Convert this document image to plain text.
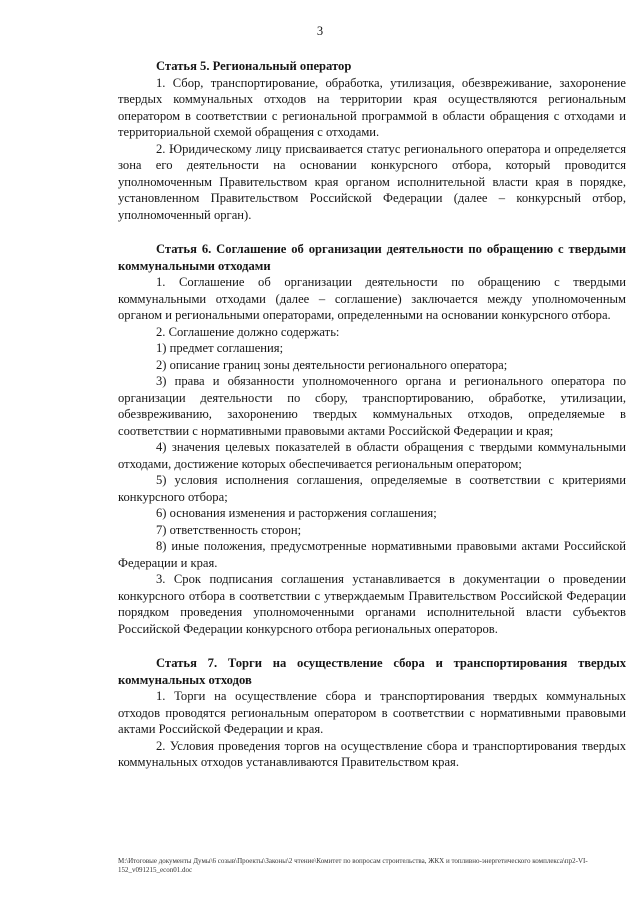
3
Статья 5. Региональный оператор

1. Сбор, транспортирование, обработка, утилизация, обезвреживание, захоронение твердых коммунальных отходов на территории края осуществляются региональным оператором в соответствии с региональной программой в области обращения с отходами и территориальной схемой обращения с отходами.

2. Юридическому лицу присваивается статус регионального оператора и определяется зона его деятельности на основании конкурсного отбора, который проводится уполномоченным Правительством края органом исполнительной власти края в порядке, установленном Правительством Российской Федерации (далее – конкурсный отбор, уполномоченный орган).

Статья 6. Соглашение об организации деятельности по обращению с твердыми коммунальными отходами

1. Соглашение об организации деятельности по обращению с твердыми коммунальными отходами (далее – соглашение) заключается между уполномоченным органом и региональными операторами, определенными на основании конкурсного отбора.

2. Соглашение должно содержать:

1) предмет соглашения;

2) описание границ зоны деятельности регионального оператора;

3) права и обязанности уполномоченного органа и регионального оператора по организации деятельности по сбору, транспортированию, обработке, утилизации, обезвреживанию, захоронению твердых коммунальных отходов, определяемые в соответствии с нормативными правовыми актами Российской Федерации и края;

4) значения целевых показателей в области обращения с твердыми коммунальными отходами, достижение которых обеспечивается региональным оператором;

5) условия исполнения соглашения, определяемые в соответствии с критериями конкурсного отбора;

6) основания изменения и расторжения соглашения;

7) ответственность сторон;

8) иные положения, предусмотренные нормативными правовыми актами Российской Федерации и края.

3. Срок подписания соглашения устанавливается в документации о проведении конкурсного отбора в соответствии с утверждаемым Правительством Российской Федерации порядком проведения уполномоченными органами исполнительной власти субъектов Российской Федерации конкурсного отбора региональных операторов.

Статья 7. Торги на осуществление сбора и транспортирования твердых коммунальных отходов

1. Торги на осуществление сбора и транспортирования твердых коммунальных отходов проводятся региональным оператором в соответствии с нормативными правовыми актами Российской Федерации и края.

2. Условия проведения торгов на осуществление сбора и транспортирования твердых коммунальных отходов устанавливаются Правительством края.

M:\Итоговые документы Думы\6 созыв\Проекты\Законы\2 чтение\Комитет по вопросам строительства, ЖКХ и топливно-энергетического комплекса\пр2-VI-152_v091215_econ01.doc
